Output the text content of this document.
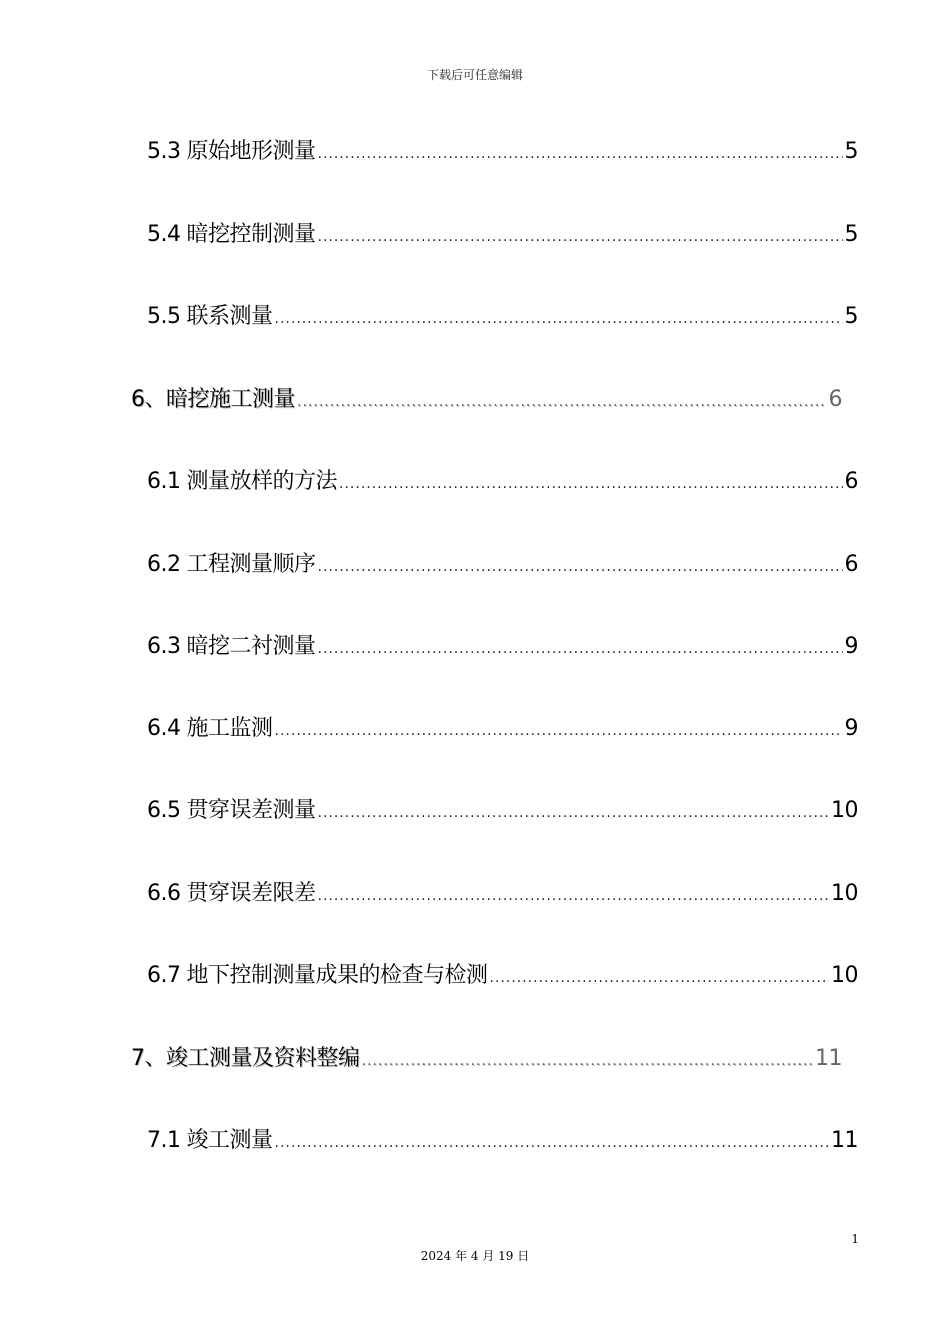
下载后可任意编辑
5.3 原始地形测量 .....	5
5.4 暗挖控制测量 .....	5
5.5 联系测量 .....	5
6、 暗挖施工测量 .....	6
6.1 测量放样的方法 .....	6
6.2 工程测量顺序 .....	6
6.3 暗挖二衬测量 .....	9
6.4 施工监测 .....	9
6.5 贯穿误差测量 .....	10
6.6 贯穿误差限差 .....	10
6.7 地下控制测量成果的检查与检测 .....	10
7、 竣工测量及资料整编 .....	11
7.1 竣工测量 .....	11
1
2024 年 4 月 19 日
